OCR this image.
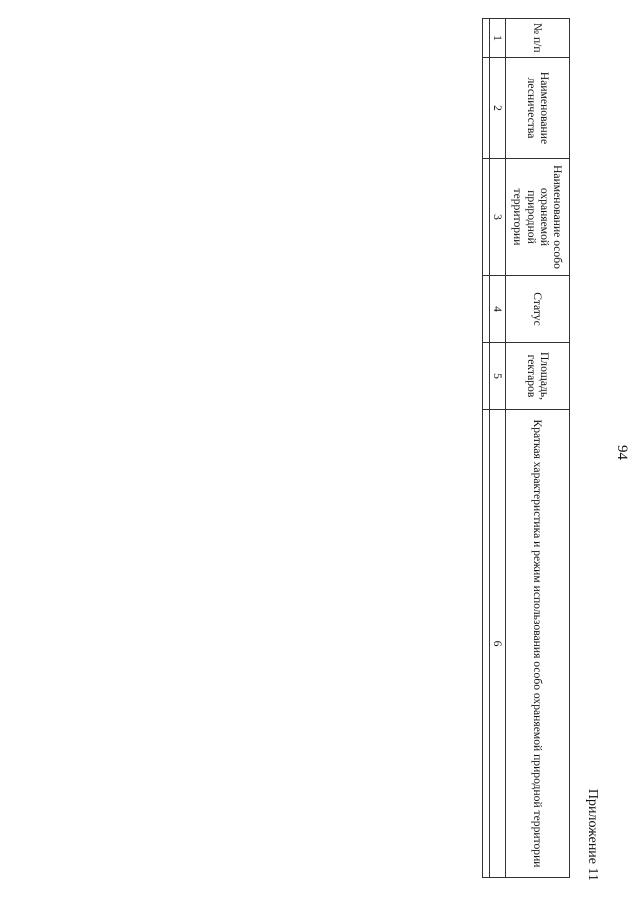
94
Приложение 11
№ п/п	Наименование лесничества	Наименование особо охраняемой природной территории	Статус	Площадь, гектаров	Краткая характеристика и режим использования особо охраняемой природной территории
1	2	3	4	5	6
